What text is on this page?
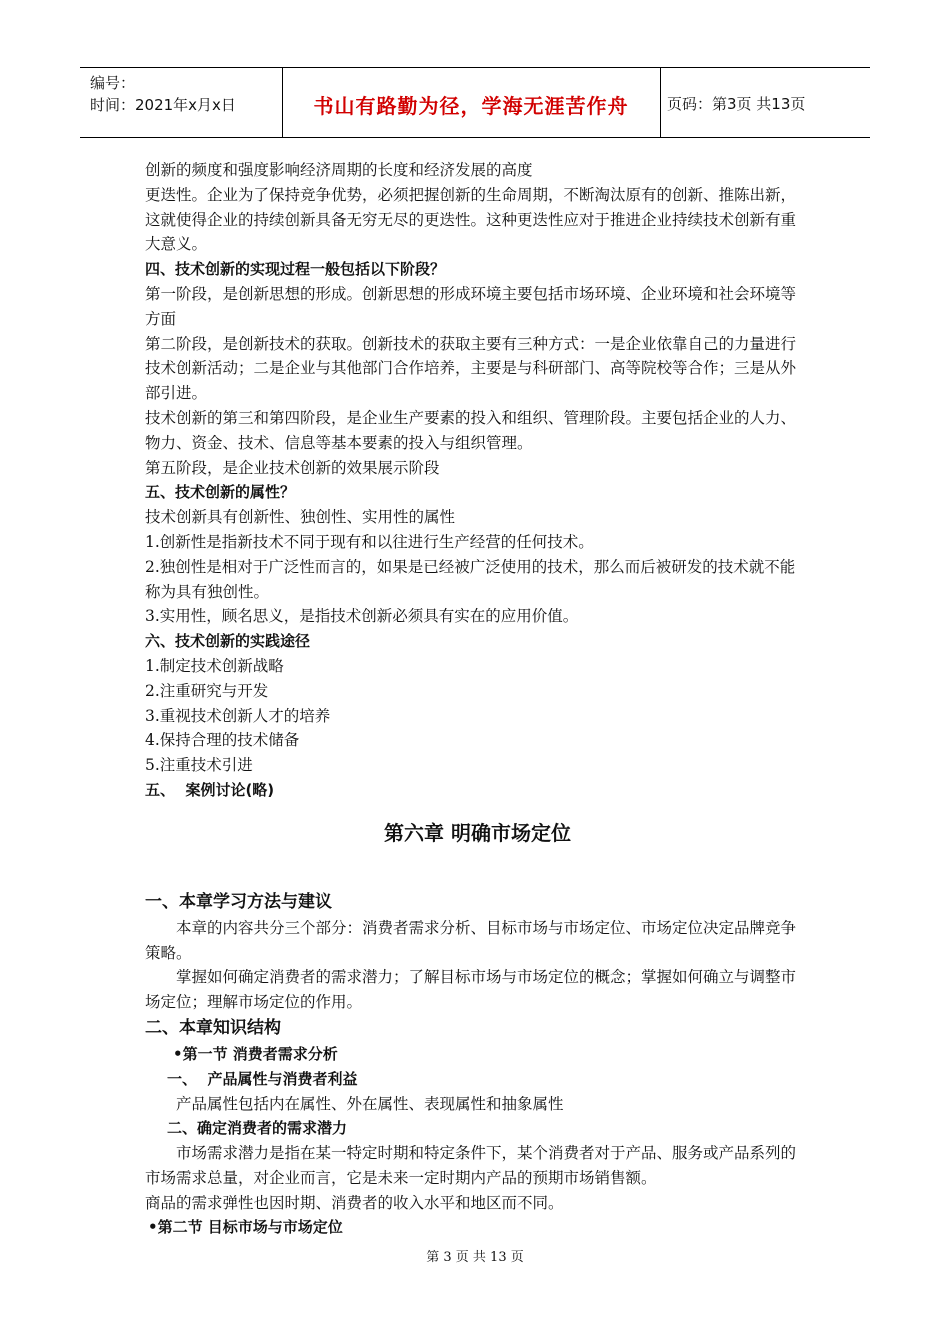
编号：
时间：2021年x月x日	书山有路勤为径，学海无涯苦作舟	页码：第3页 共13页

创新的频度和强度影响经济周期的长度和经济发展的高度

更迭性。企业为了保持竞争优势，必须把握创新的生命周期，不断淘汰原有的创新、推陈出新，这就使得企业的持续创新具备无穷无尽的更迭性。这种更迭性应对于推进企业持续技术创新有重大意义。

四、技术创新的实现过程一般包括以下阶段？

第一阶段，是创新思想的形成。创新思想的形成环境主要包括市场环境、企业环境和社会环境等方面

第二阶段，是创新技术的获取。创新技术的获取主要有三种方式：一是企业依靠自己的力量进行技术创新活动；二是企业与其他部门合作培养，主要是与科研部门、高等院校等合作；三是从外部引进。

技术创新的第三和第四阶段，是企业生产要素的投入和组织、管理阶段。主要包括企业的人力、物力、资金、技术、信息等基本要素的投入与组织管理。

第五阶段，是企业技术创新的效果展示阶段

五、技术创新的属性？

技术创新具有创新性、独创性、实用性的属性

1.创新性是指新技术不同于现有和以往进行生产经营的任何技术。

2.独创性是相对于广泛性而言的，如果是已经被广泛使用的技术，那么而后被研发的技术就不能称为具有独创性。

3.实用性，顾名思义，是指技术创新必须具有实在的应用价值。

六、技术创新的实践途径

1.制定技术创新战略

2.注重研究与开发

3.重视技术创新人才的培养

4.保持合理的技术储备

5.注重技术引进

五、  案例讨论(略)

第六章 明确市场定位

一、本章学习方法与建议

本章的内容共分三个部分：消费者需求分析、目标市场与市场定位、市场定位决定品牌竞争策略。

掌握如何确定消费者的需求潜力；了解目标市场与市场定位的概念；掌握如何确立与调整市场定位；理解市场定位的作用。

二、本章知识结构

•第一节 消费者需求分析

一、  产品属性与消费者利益

产品属性包括内在属性、外在属性、表现属性和抽象属性

二、确定消费者的需求潜力

市场需求潜力是指在某一特定时期和特定条件下，某个消费者对于产品、服务或产品系列的市场需求总量，对企业而言，它是未来一定时期内产品的预期市场销售额。

商品的需求弹性也因时期、消费者的收入水平和地区而不同。

•第二节 目标市场与市场定位

第 3 页 共 13 页
